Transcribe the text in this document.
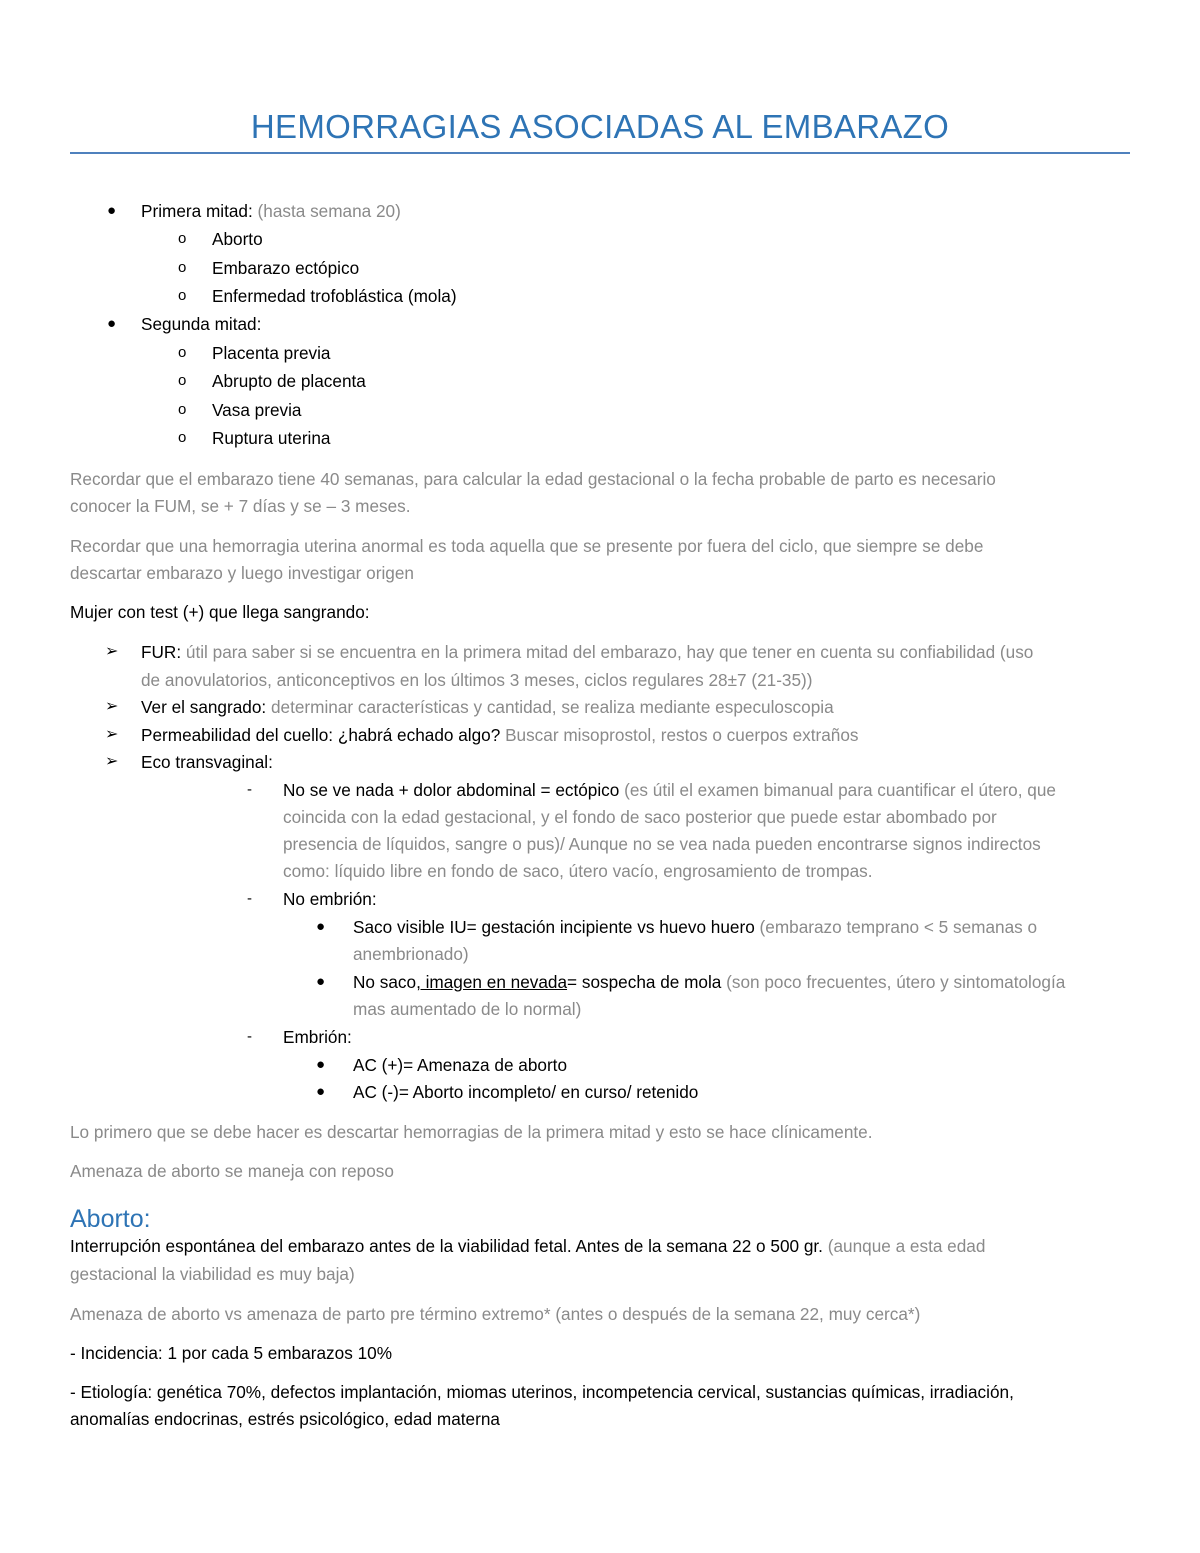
HEMORRAGIAS ASOCIADAS AL EMBARAZO
● Primera mitad: (hasta semana 20)
o Aborto
o Embarazo ectópico
o Enfermedad trofoblástica (mola)
● Segunda mitad:
o Placenta previa
o Abrupto de placenta
o Vasa previa
o Ruptura uterina
Recordar que el embarazo tiene 40 semanas, para calcular la edad gestacional o la fecha probable de parto es necesario
conocer la FUM, se + 7 días y se – 3 meses.
Recordar que una hemorragia uterina anormal es toda aquella que se presente por fuera del ciclo, que siempre se debe
descartar embarazo y luego investigar origen
Mujer con test (+) que llega sangrando:
➢ FUR: útil para saber si se encuentra en la primera mitad del embarazo, hay que tener en cuenta su confiabilidad (uso
de anovulatorios, anticonceptivos en los últimos 3 meses, ciclos regulares 28±7 (21-35))
➢ Ver el sangrado: determinar características y cantidad, se realiza mediante especuloscopia
➢ Permeabilidad del cuello: ¿habrá echado algo? Buscar misoprostol, restos o cuerpos extraños
➢ Eco transvaginal:
- No se ve nada + dolor abdominal = ectópico (es útil el examen bimanual para cuantificar el útero, que
coincida con la edad gestacional, y el fondo de saco posterior que puede estar abombado por
presencia de líquidos, sangre o pus)/ Aunque no se vea nada pueden encontrarse signos indirectos
como: líquido libre en fondo de saco, útero vacío, engrosamiento de trompas.
- No embrión:
● Saco visible IU= gestación incipiente vs huevo huero (embarazo temprano < 5 semanas o
anembrionado)
● No saco, imagen en nevada= sospecha de mola (son poco frecuentes, útero y sintomatología
mas aumentado de lo normal)
- Embrión:
● AC (+)= Amenaza de aborto
● AC (-)= Aborto incompleto/ en curso/ retenido
Lo primero que se debe hacer es descartar hemorragias de la primera mitad y esto se hace clínicamente.
Amenaza de aborto se maneja con reposo
Aborto:
Interrupción espontánea del embarazo antes de la viabilidad fetal. Antes de la semana 22 o 500 gr. (aunque a esta edad
gestacional la viabilidad es muy baja)
Amenaza de aborto vs amenaza de parto pre término extremo* (antes o después de la semana 22, muy cerca*)
- Incidencia: 1 por cada 5 embarazos 10%
- Etiología: genética 70%, defectos implantación, miomas uterinos, incompetencia cervical, sustancias químicas, irradiación,
anomalías endocrinas, estrés psicológico, edad materna
